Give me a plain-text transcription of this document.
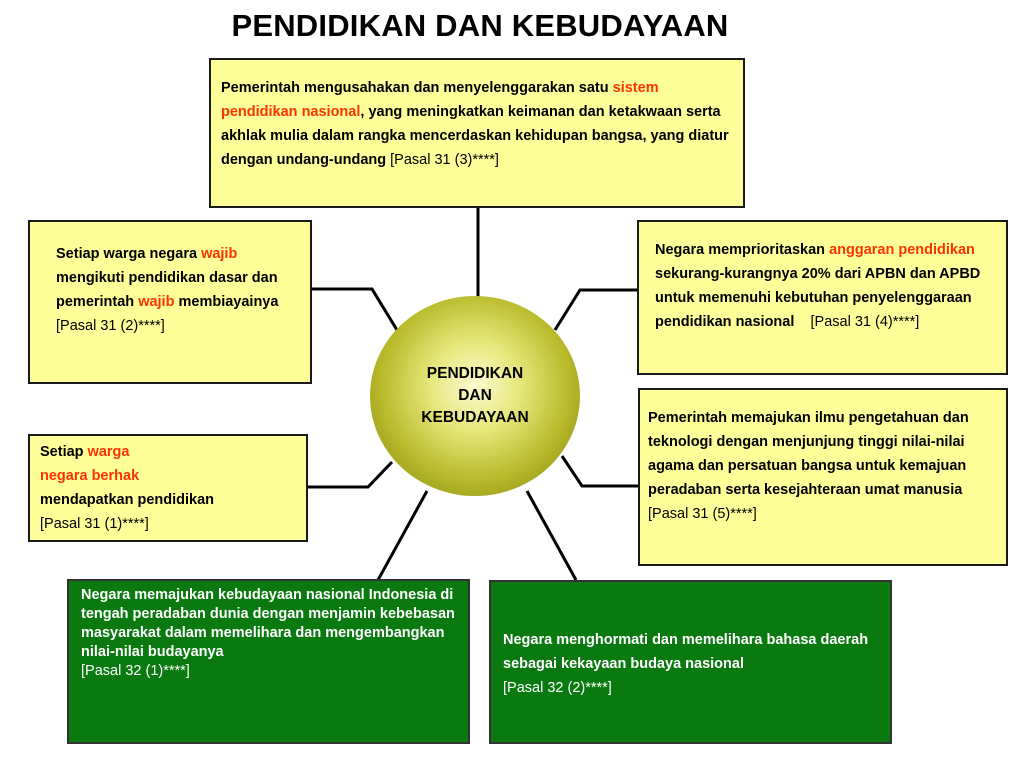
PENDIDIKAN DAN KEBUDAYAAN
Pemerintah mengusahakan dan menyelenggarakan satu sistem pendidikan nasional, yang meningkatkan keimanan dan ketakwaan serta akhlak mulia dalam rangka mencerdaskan kehidupan bangsa, yang diatur dengan undang-undang [Pasal 31 (3)****]
Setiap warga negara wajib mengikuti pendidikan dasar dan pemerintah wajib membiayainya
[Pasal 31 (2)****]
Setiap warga
negara berhak
mendapatkan pendidikan
[Pasal 31 (1)****]
Negara memprioritaskan anggaran pendidikan sekurang-kurangnya 20% dari APBN dan APBD untuk memenuhi kebutuhan penyelenggaraan pendidikan nasional    [Pasal 31 (4)****]
Pemerintah memajukan ilmu pengetahuan dan teknologi dengan menjunjung tinggi nilai-nilai agama dan persatuan bangsa untuk kemajuan peradaban serta kesejahteraan umat manusia
[Pasal 31 (5)****]
Negara memajukan kebudayaan nasional Indonesia di tengah peradaban dunia dengan menjamin kebebasan masyarakat dalam memelihara dan mengembangkan nilai-nilai budayanya
[Pasal 32 (1)****]
Negara menghormati dan memelihara bahasa daerah sebagai kekayaan budaya nasional
[Pasal 32 (2)****]
PENDIDIKAN
DAN
KEBUDAYAAN
